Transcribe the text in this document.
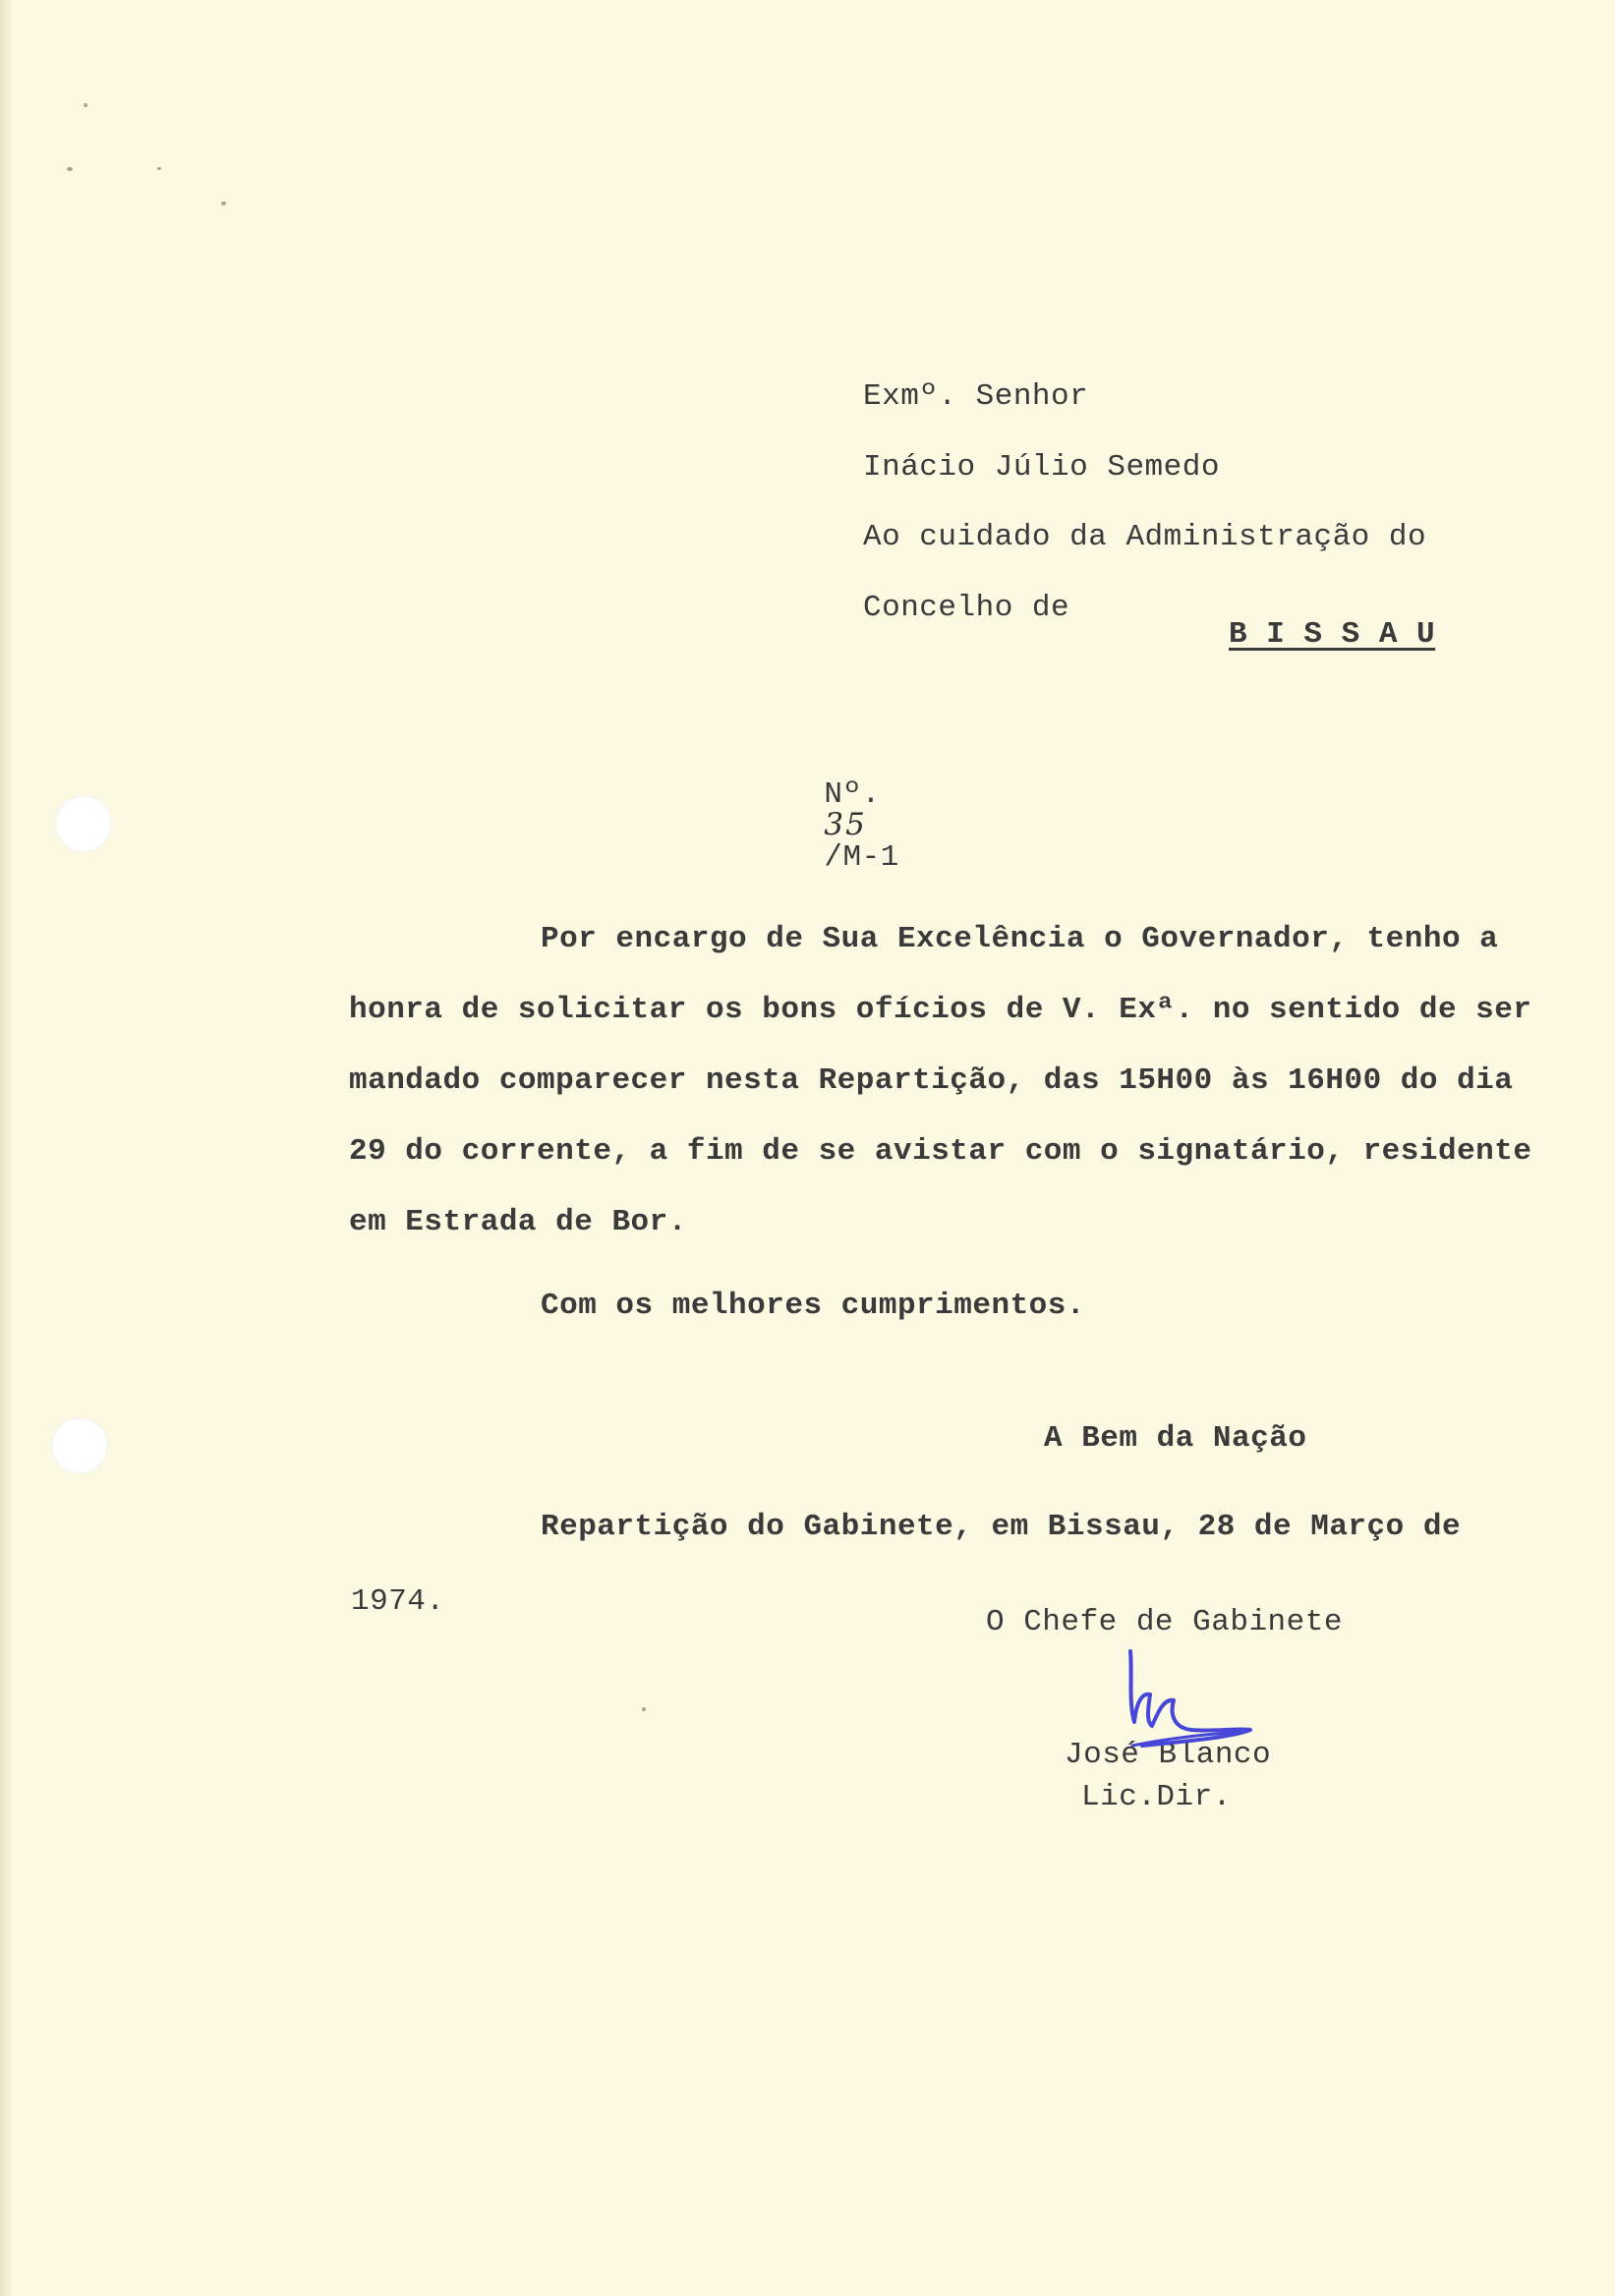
Exmº. Senhor
Inácio Júlio Semedo
Ao cuidado da Administração do
Concelho de
B I S S A U

Nº.
35
/M-1

Por encargo de Sua Excelência o Governador, tenho a
honra de solicitar os bons ofícios de V. Exª. no sentido de ser
mandado comparecer nesta Repartição, das 15H00 às 16H00 do dia
29 do corrente, a fim de se avistar com o signatário, residente
em Estrada de Bor.
Com os melhores cumprimentos.
A Bem da Nação
Repartição do Gabinete, em Bissau, 28 de Março de
1974.
O Chefe de Gabinete
José Blanco
Lic.Dir.
